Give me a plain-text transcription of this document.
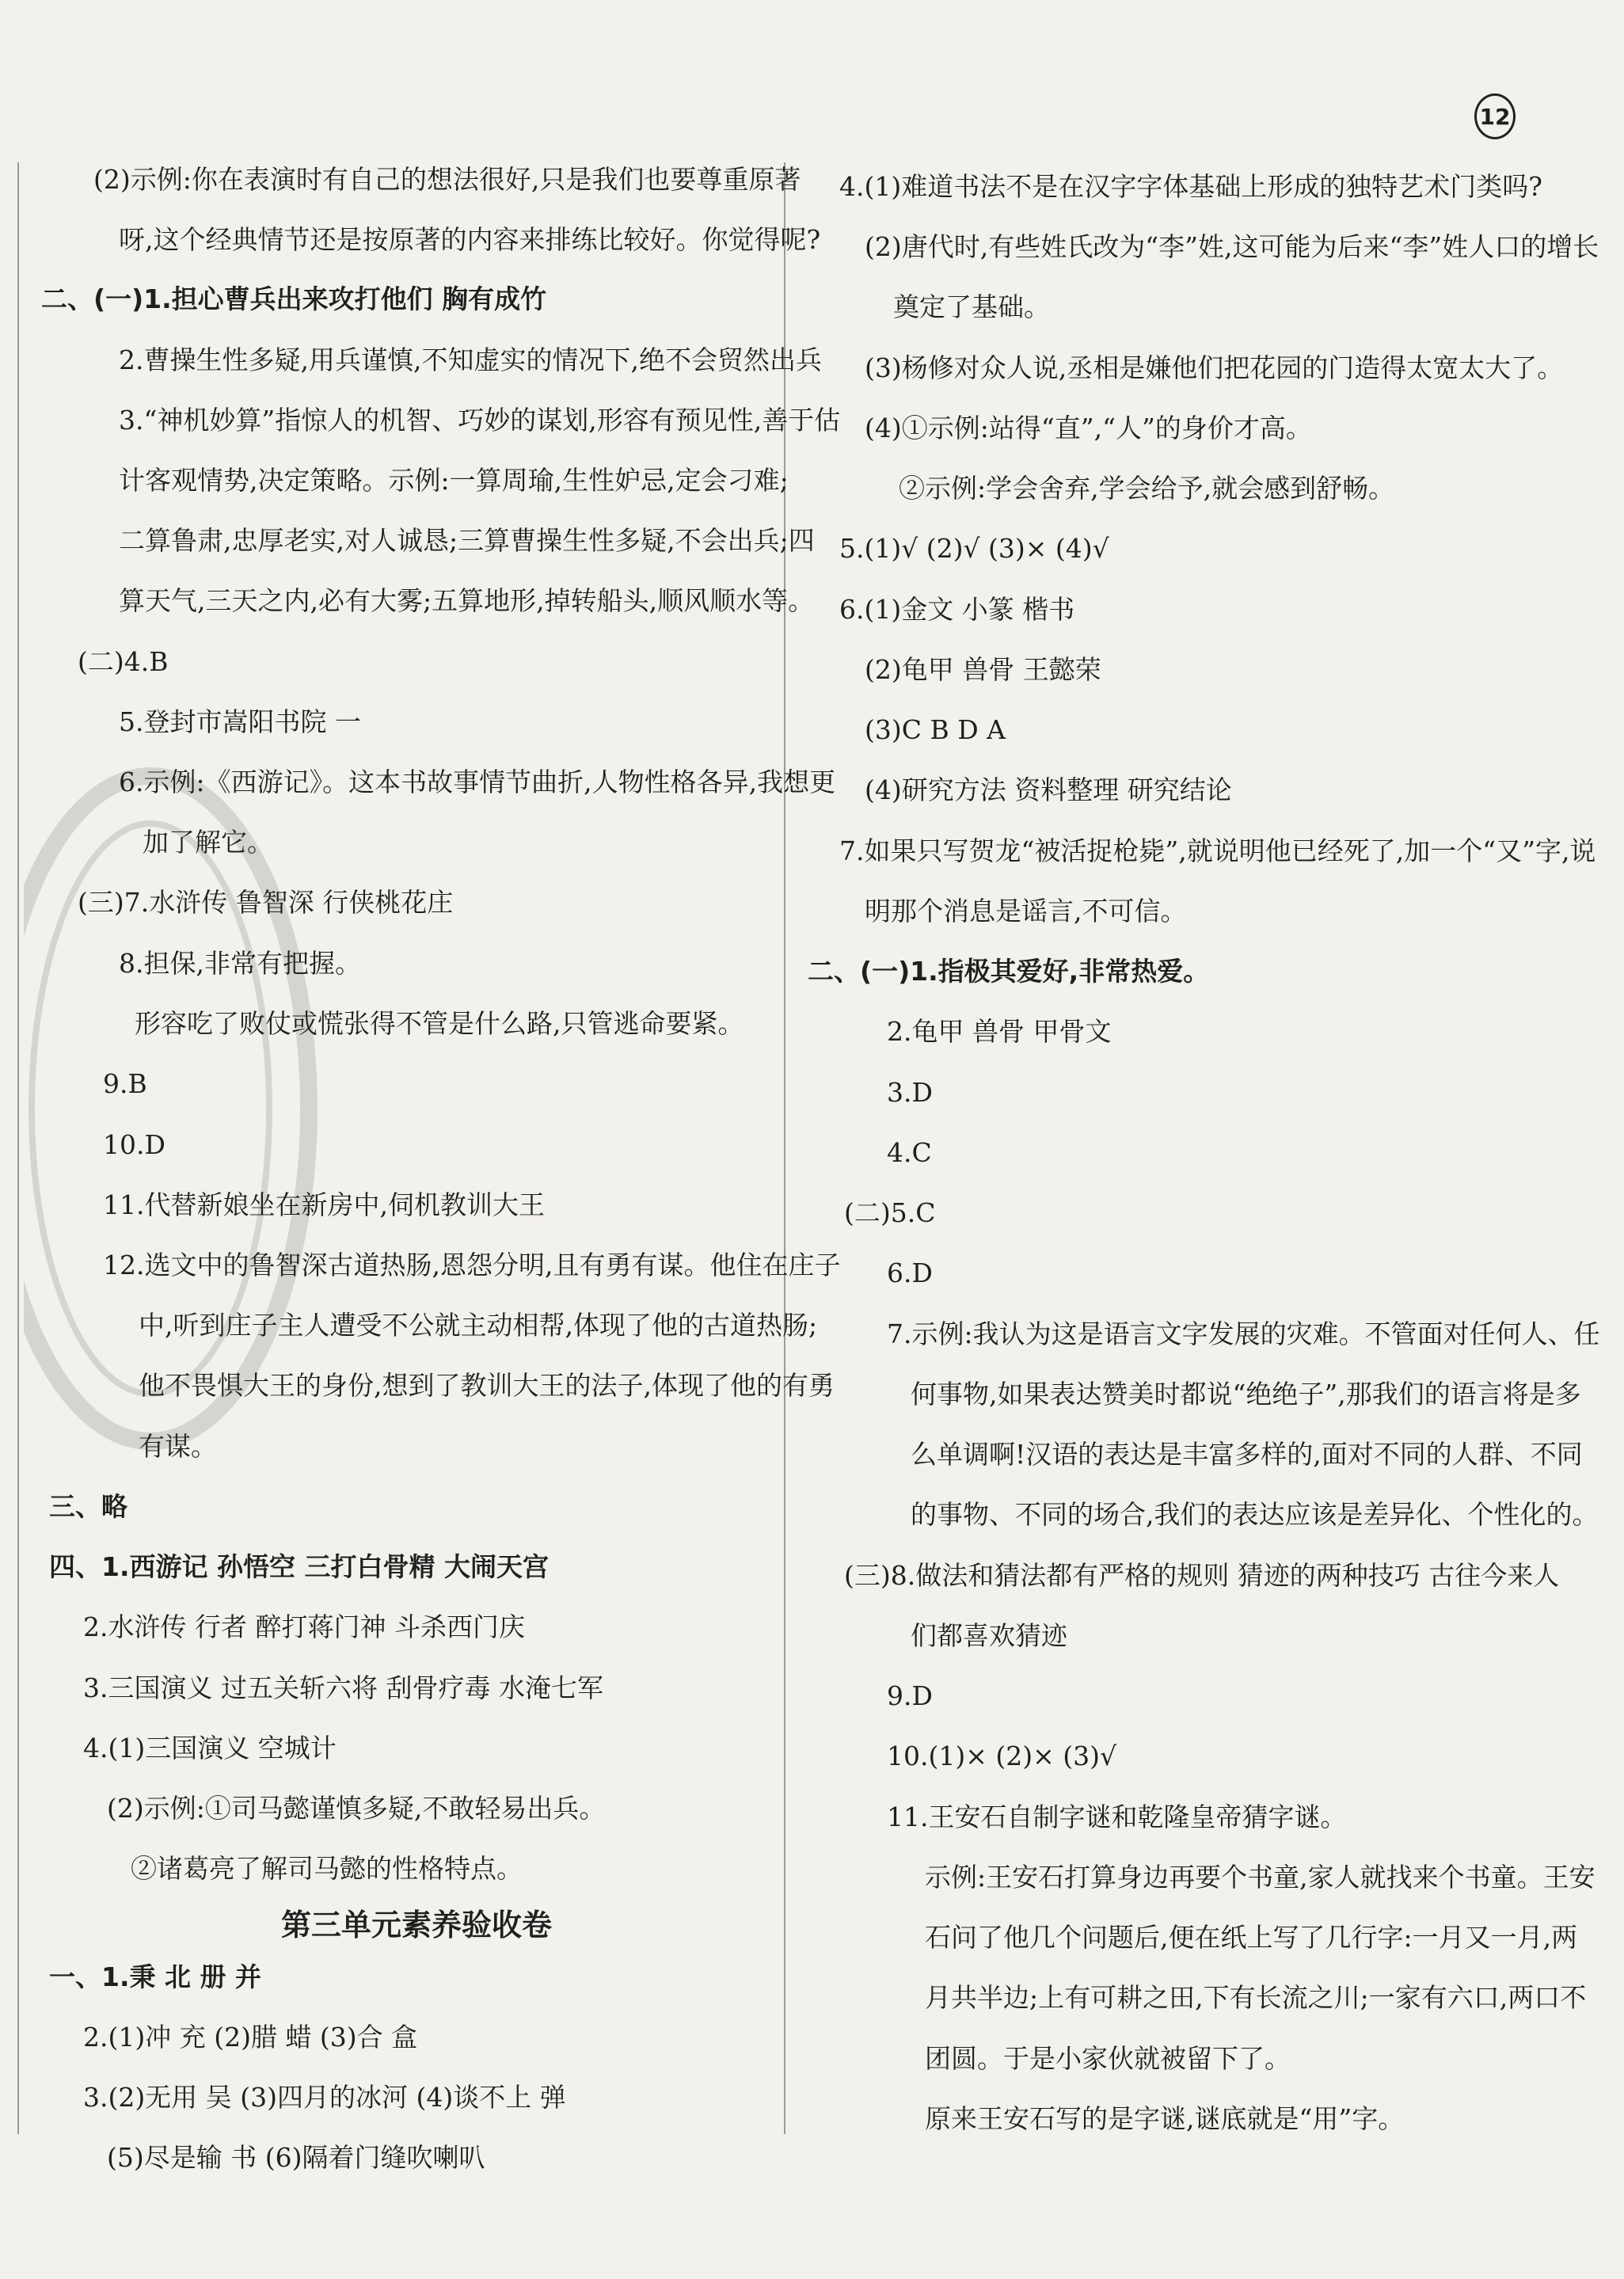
12
(2)示例:你在表演时有自己的想法很好,只是我们也要尊重原著
呀,这个经典情节还是按原著的内容来排练比较好。你觉得呢?
二、(一)1.担心曹兵出来攻打他们 胸有成竹
2.曹操生性多疑,用兵谨慎,不知虚实的情况下,绝不会贸然出兵
3.“神机妙算”指惊人的机智、巧妙的谋划,形容有预见性,善于估
计客观情势,决定策略。示例:一算周瑜,生性妒忌,定会刁难;
二算鲁肃,忠厚老实,对人诚恳;三算曹操生性多疑,不会出兵;四
算天气,三天之内,必有大雾;五算地形,掉转船头,顺风顺水等。
(二)4.B
5.登封市嵩阳书院 一
6.示例:《西游记》。这本书故事情节曲折,人物性格各异,我想更
加了解它。
(三)7.水浒传 鲁智深 行侠桃花庄
8.担保,非常有把握。
形容吃了败仗或慌张得不管是什么路,只管逃命要紧。
9.B
10.D
11.代替新娘坐在新房中,伺机教训大王
12.选文中的鲁智深古道热肠,恩怨分明,且有勇有谋。他住在庄子
中,听到庄子主人遭受不公就主动相帮,体现了他的古道热肠;
他不畏惧大王的身份,想到了教训大王的法子,体现了他的有勇
有谋。
三、略
四、1.西游记 孙悟空 三打白骨精 大闹天宫
2.水浒传 行者 醉打蒋门神 斗杀西门庆
3.三国演义 过五关斩六将 刮骨疗毒 水淹七军
4.(1)三国演义 空城计
(2)示例:①司马懿谨慎多疑,不敢轻易出兵。
②诸葛亮了解司马懿的性格特点。
第三单元素养验收卷
一、1.秉 北 册 并
2.(1)冲 充 (2)腊 蜡 (3)合 盒
3.(2)无用 吴 (3)四月的冰河 (4)谈不上 弹
(5)尽是输 书 (6)隔着门缝吹喇叭
4.(1)难道书法不是在汉字字体基础上形成的独特艺术门类吗?
(2)唐代时,有些姓氏改为“李”姓,这可能为后来“李”姓人口的增长
奠定了基础。
(3)杨修对众人说,丞相是嫌他们把花园的门造得太宽太大了。
(4)①示例:站得“直”,“人”的身价才高。
②示例:学会舍弃,学会给予,就会感到舒畅。
5.(1)√ (2)√ (3)× (4)√
6.(1)金文 小篆 楷书
(2)龟甲 兽骨 王懿荣
(3)C B D A
(4)研究方法 资料整理 研究结论
7.如果只写贺龙“被活捉枪毙”,就说明他已经死了,加一个“又”字,说
明那个消息是谣言,不可信。
二、(一)1.指极其爱好,非常热爱。
2.龟甲 兽骨 甲骨文
3.D
4.C
(二)5.C
6.D
7.示例:我认为这是语言文字发展的灾难。不管面对任何人、任
何事物,如果表达赞美时都说“绝绝子”,那我们的语言将是多
么单调啊!汉语的表达是丰富多样的,面对不同的人群、不同
的事物、不同的场合,我们的表达应该是差异化、个性化的。
(三)8.做法和猜法都有严格的规则 猜迹的两种技巧 古往今来人
们都喜欢猜迹
9.D
10.(1)× (2)× (3)√
11.王安石自制字谜和乾隆皇帝猜字谜。
示例:王安石打算身边再要个书童,家人就找来个书童。王安
石问了他几个问题后,便在纸上写了几行字:一月又一月,两
月共半边;上有可耕之田,下有长流之川;一家有六口,两口不
团圆。于是小家伙就被留下了。
原来王安石写的是字谜,谜底就是“用”字。
